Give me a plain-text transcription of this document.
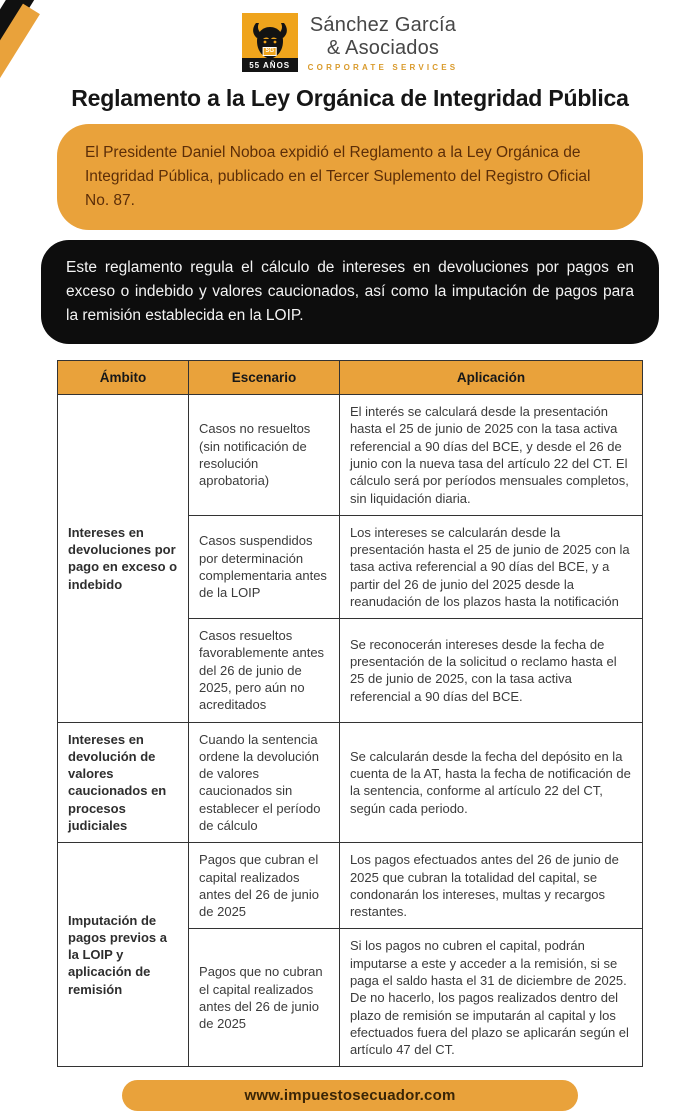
SG
55 AÑOS
Sánchez García
& Asociados
CORPORATE SERVICES
Reglamento a la Ley Orgánica de Integridad Pública
El Presidente Daniel Noboa expidió el Reglamento a la Ley Orgánica de Integridad Pública, publicado en el Tercer Suplemento del Registro Oficial No. 87.
Este reglamento regula el cálculo de intereses en devoluciones por pagos en exceso o indebido y valores caucionados, así como la imputación de pagos para la remisión establecida en la LOIP.
Ámbito	Escenario	Aplicación
Intereses en devoluciones por pago en exceso o indebido	Casos no resueltos (sin notificación de resolución aprobatoria)	El interés se calculará desde la presentación hasta el 25 de junio de 2025 con la tasa activa referencial a 90 días del BCE, y desde el 26 de junio con la nueva tasa del artículo 22 del CT. El cálculo será por períodos mensuales completos, sin liquidación diaria.
	Casos suspendidos por determinación complementaria antes de la LOIP	Los intereses se calcularán desde la presentación hasta el 25 de junio de 2025 con la tasa activa referencial a 90 días del BCE, y a partir del 26 de junio del 2025 desde la reanudación de los plazos hasta la notificación
	Casos resueltos favorablemente antes del 26 de junio de 2025, pero aún no acreditados	Se reconocerán intereses desde la fecha de presentación de la solicitud o reclamo hasta el 25 de junio de 2025, con la tasa activa referencial a 90 días del BCE.
Intereses en devolución de valores caucionados en procesos judiciales	Cuando la sentencia ordene la devolución de valores caucionados sin establecer el período de cálculo	Se calcularán desde la fecha del depósito en la cuenta de la AT, hasta la fecha de notificación de la sentencia, conforme al artículo 22 del CT, según cada periodo.
Imputación de pagos previos a la LOIP y aplicación de remisión	Pagos que cubran el capital realizados antes del 26 de junio de 2025	Los pagos efectuados antes del 26 de junio de 2025 que cubran la totalidad del capital, se condonarán los intereses, multas y recargos restantes.
	Pagos que no cubran el capital realizados antes del 26 de junio de 2025	Si los pagos no cubren el capital, podrán imputarse a este y acceder a la remisión, si se paga el saldo hasta el 31 de diciembre de 2025. De no hacerlo, los pagos realizados dentro del plazo de remisión se imputarán al capital y los efectuados fuera del plazo se aplicarán según el artículo 47 del CT.
www.impuestosecuador.com
